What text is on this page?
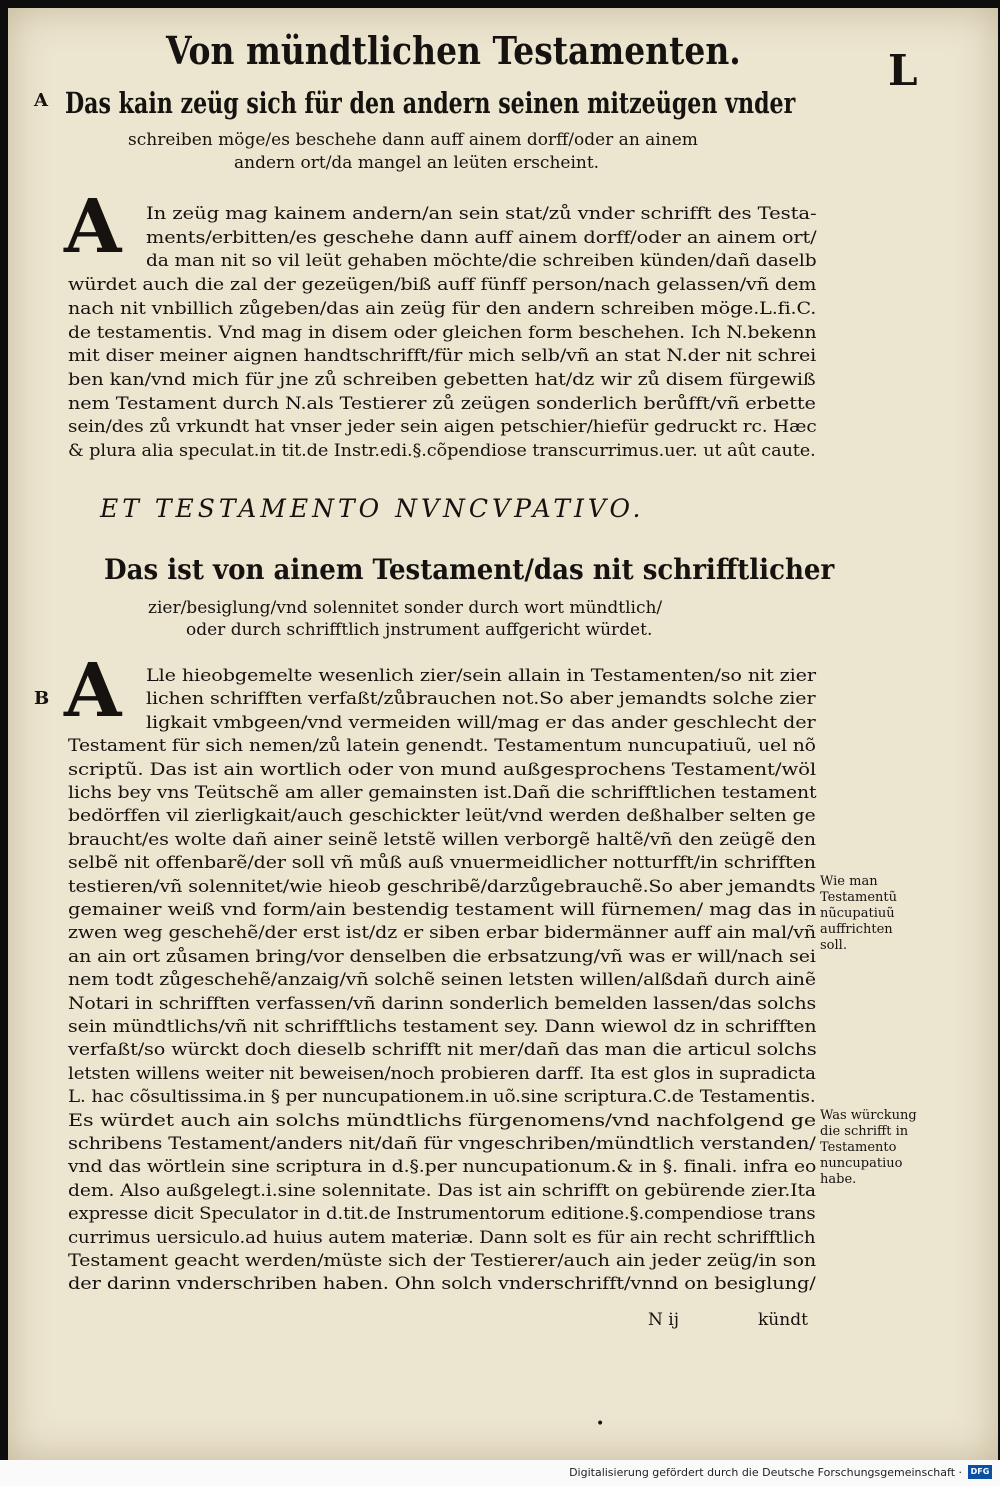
Von mündtlichen Testamenten.	L
A Das kain zeüg sich für den andern seinen mitzeügen vnder
schreiben möge/es beschehe dann auff ainem dorff/oder an ainem
andern ort/da mangel an leüten erscheint.
A In zeüg mag kainem andern/an sein stat/zů vnder schrifft des Testa-
ments/erbitten/es geschehe dann auff ainem dorff/oder an ainem ort/
da man nit so vil leüt gehaben möchte/die schreiben künden/dañ daselb
würdet auch die zal der gezeügen/biß auff fünff person/nach gelassen/vñ dem
nach nit vnbillich zůgeben/das ain zeüg für den andern schreiben möge.L.fi.C.
de testamentis. Vnd mag in disem oder gleichen form beschehen. Ich N.bekenn
mit diser meiner aignen handtschrifft/für mich selb/vñ an stat N.der nit schrei
ben kan/vnd mich für jne zů schreiben gebetten hat/dz wir zů disem fürgewiß
nem Testament durch N.als Testierer zů zeügen sonderlich berůfft/vñ erbette
sein/des zů vrkundt hat vnser jeder sein aigen petschier/hiefür gedruckt rc. Hæc
& plura alia speculat.in tit.de Instr.edi.§.cõpendiose transcurrimus.uer. ut aût caute.
ET TESTAMENTO NVNCVPATIVO.
Das ist von ainem Testament/das nit schrifftlicher
zier/besiglung/vnd solennitet sonder durch wort mündtlich/
oder durch schrifftlich jnstrument auffgericht würdet.
B A Lle hieobgemelte wesenlich zier/sein allain in Testamenten/so nit zier
lichen schrifften verfaßt/zůbrauchen not.So aber jemandts solche zier
ligkait vmbgeen/vnd vermeiden will/mag er das ander geschlecht der
Testament für sich nemen/zů latein genendt. Testamentum nuncupatiuũ, uel nõ
scriptũ. Das ist ain wortlich oder von mund außgesprochens Testament/wöl
lichs bey vns Teütschẽ am aller gemainsten ist.Dañ die schrifftlichen testament
bedörffen vil zierligkait/auch geschickter leüt/vnd werden deßhalber selten ge
braucht/es wolte dañ ainer seinẽ letstẽ willen verborgẽ haltẽ/vñ den zeügẽ den
selbẽ nit offenbarẽ/der soll vñ můß auß vnuermeidlicher notturfft/in schrifften
testieren/vñ solennitet/wie hieob geschribẽ/darzůgebrauchẽ.So aber jemandts
gemainer weiß vnd form/ain bestendig testament will fürnemen/ mag das in
zwen weg geschehẽ/der erst ist/dz er siben erbar bidermänner auff ain mal/vñ
an ain ort zůsamen bring/vor denselben die erbsatzung/vñ was er will/nach sei
nem todt zůgeschehẽ/anzaig/vñ solchẽ seinen letsten willen/alßdañ durch ainẽ
Notari in schrifften verfassen/vñ darinn sonderlich bemelden lassen/das solchs
sein mündtlichs/vñ nit schrifftlichs testament sey. Dann wiewol dz in schrifften
verfaßt/so würckt doch dieselb schrifft nit mer/dañ das man die articul solchs
letsten willens weiter nit beweisen/noch probieren darff. Ita est glos in supradicta
L. hac cõsultissima.in § per nuncupationem.in uõ.sine scriptura.C.de Testamentis.
Es würdet auch ain solchs mündtlichs fürgenomens/vnd nachfolgend ge
schribens Testament/anders nit/dañ für vngeschriben/mündtlich verstanden/
vnd das wörtlein sine scriptura in d.§.per nuncupationum.& in §. finali. infra eo
dem. Also außgelegt.i.sine solennitate. Das ist ain schrifft on gebürende zier.Ita
expresse dicit Speculator in d.tit.de Instrumentorum editione.§.compendiose trans
currimus uersiculo.ad huius autem materiæ. Dann solt es für ain recht schrifftlich
Testament geacht werden/müste sich der Testierer/auch ain jeder zeüg/in son
der darinn vnderschriben haben. Ohn solch vnderschrifft/vnnd on besiglung/
Wie man Testamentũ nũcupatiuũ auffrichten soll.
Was würckung die schrifft in Testamento nuncupatiuo habe.
N ij	kündt
•
Digitalisierung gefördert durch die Deutsche Forschungsgemeinschaft ·	DFG
